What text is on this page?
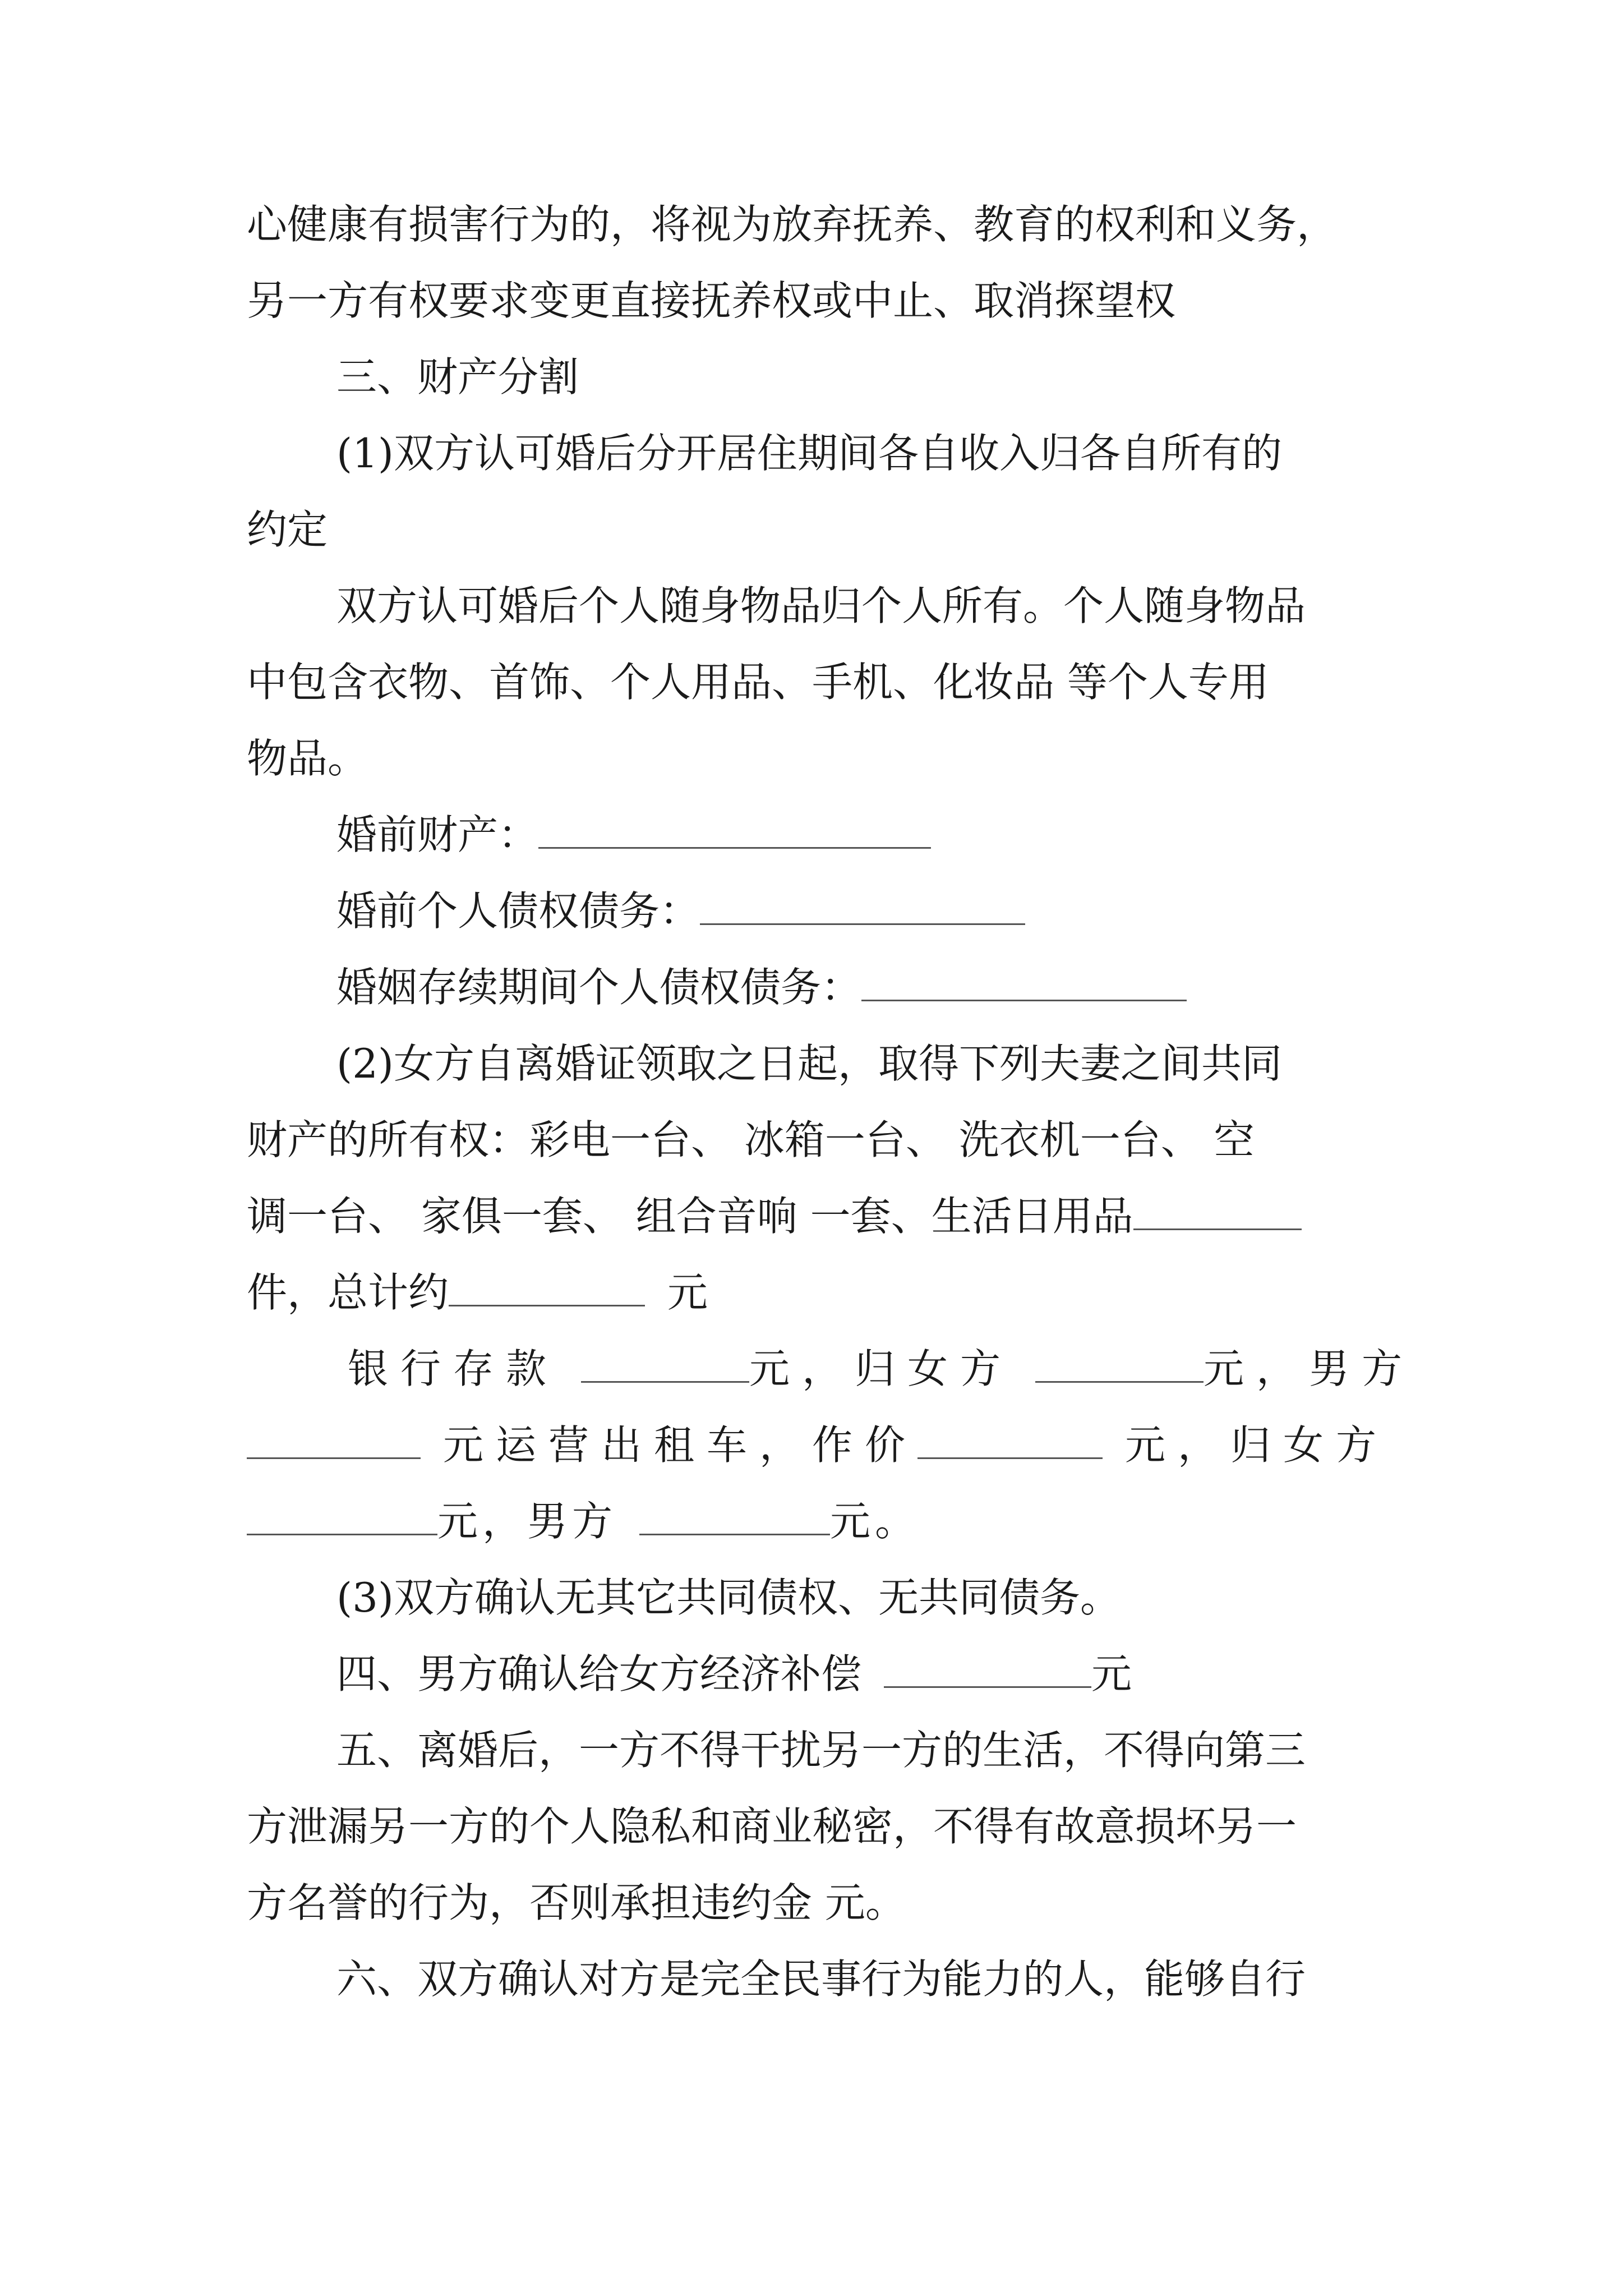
心健康有损害行为的，将视为放弃抚养、教育的权利和义务，
另一方有权要求变更直接抚养权或中止、取消探望权
三、财产分割
(1)双方认可婚后分开居住期间各自收入归各自所有的
约定
双方认可婚后个人随身物品归个人所有。个人随身物品
中包含衣物、首饰、个人用品、手机、化妆品 等个人专用
物品。
婚前财产：
婚前个人债权债务：
婚姻存续期间个人债权债务：
(2)女方自离婚证领取之日起，取得下列夫妻之间共同
财产的所有权：彩电一台、 冰箱一台、 洗衣机一台、 空
调一台、 家俱一套、 组合音响 一套、生活日用品
件，总计约	元
银行存款	元，归女方	元，男方
元运营出租车，作价	元，归女方
元，男方	元。
(3)双方确认无其它共同债权、无共同债务。
四、男方确认给女方经济补偿	元
五、离婚后，一方不得干扰另一方的生活，不得向第三
方泄漏另一方的个人隐私和商业秘密，不得有故意损坏另一
方名誉的行为，否则承担违约金 元。
六、双方确认对方是完全民事行为能力的人，能够自行
